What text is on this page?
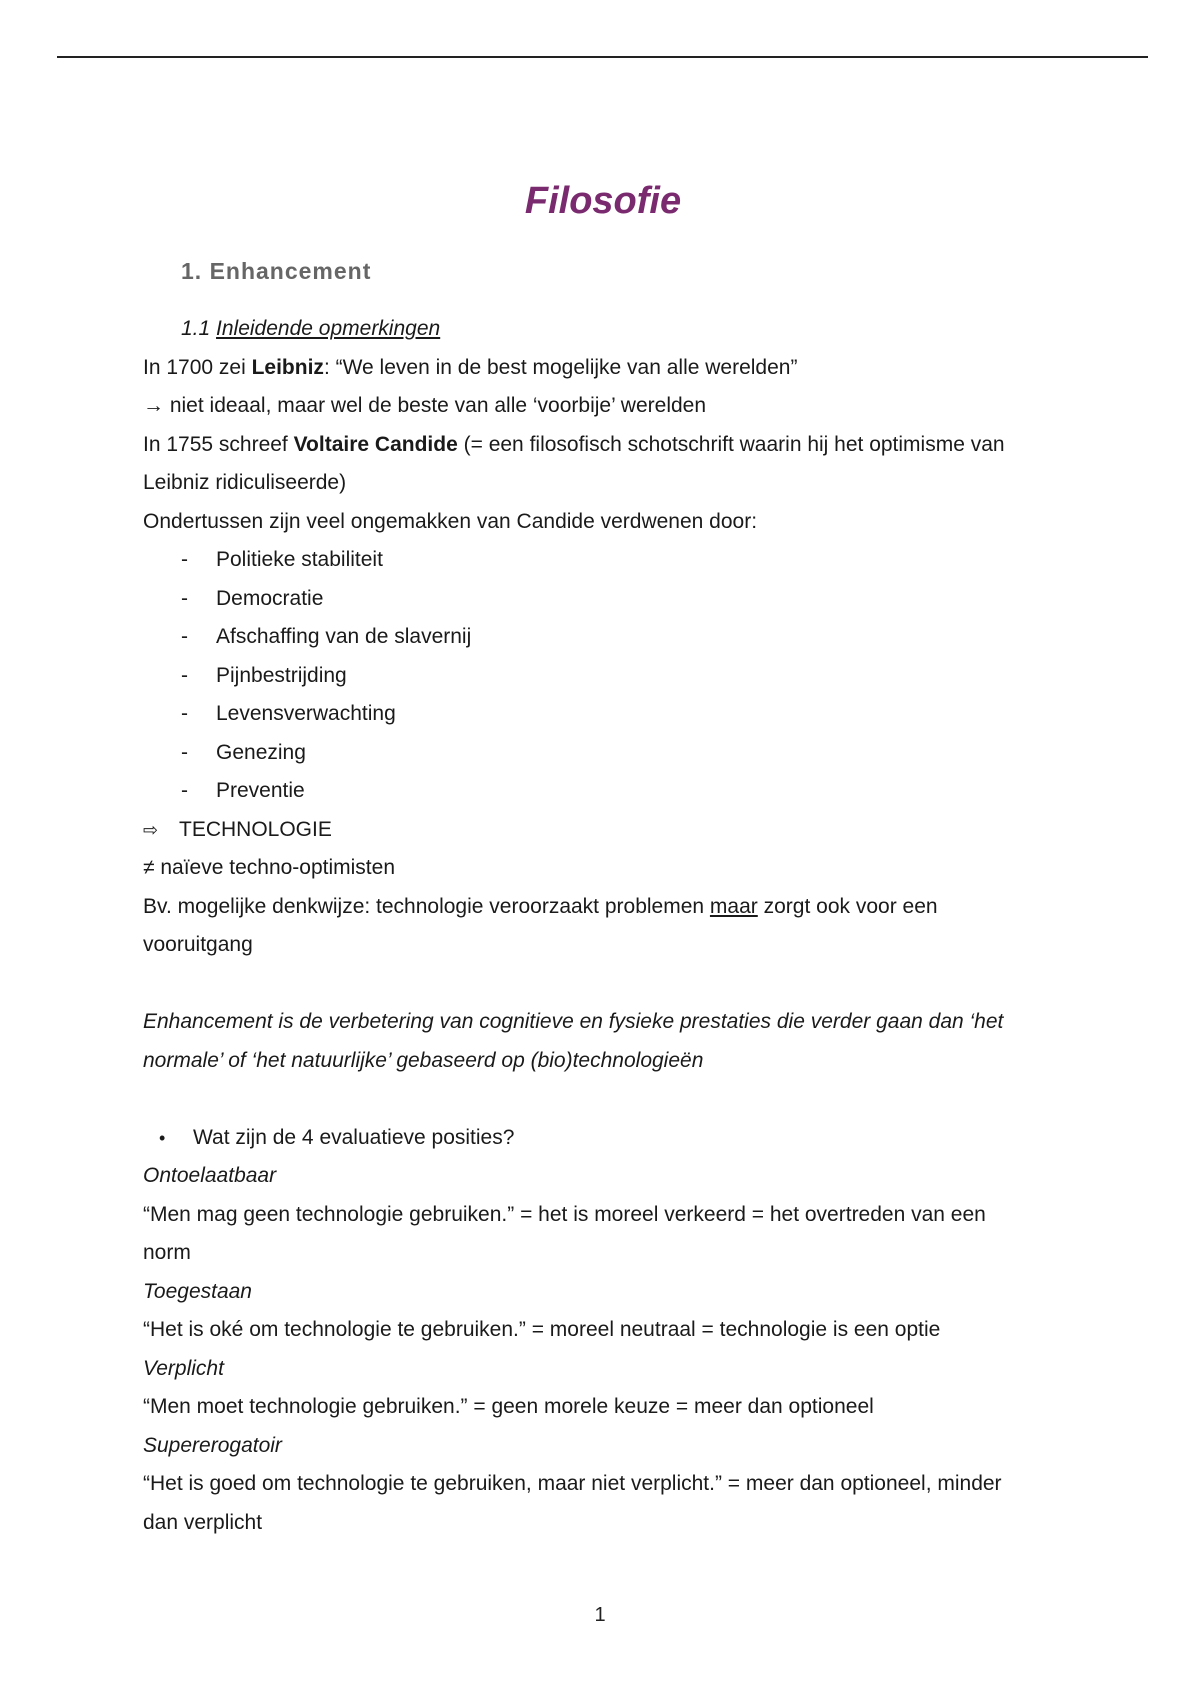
Filosofie
1. Enhancement
1.1 Inleidende opmerkingen
In 1700 zei Leibniz: “We leven in de best mogelijke van alle werelden”
→ niet ideaal, maar wel de beste van alle ‘voorbije’ werelden
In 1755 schreef Voltaire Candide (= een filosofisch schotschrift waarin hij het optimisme van
Leibniz ridiculiseerde)
Ondertussen zijn veel ongemakken van Candide verdwenen door:
- Politieke stabiliteit
- Democratie
- Afschaffing van de slavernij
- Pijnbestrijding
- Levensverwachting
- Genezing
- Preventie
⇨ TECHNOLOGIE
≠ naïeve techno-optimisten
Bv. mogelijke denkwijze: technologie veroorzaakt problemen maar zorgt ook voor een
vooruitgang
Enhancement is de verbetering van cognitieve en fysieke prestaties die verder gaan dan ‘het
normale’ of ‘het natuurlijke’ gebaseerd op (bio)technologieën
• Wat zijn de 4 evaluatieve posities?
Ontoelaatbaar
“Men mag geen technologie gebruiken.” = het is moreel verkeerd = het overtreden van een
norm
Toegestaan
“Het is oké om technologie te gebruiken.” = moreel neutraal = technologie is een optie
Verplicht
“Men moet technologie gebruiken.” = geen morele keuze = meer dan optioneel
Supererogatoir
“Het is goed om technologie te gebruiken, maar niet verplicht.” = meer dan optioneel, minder
dan verplicht
1
